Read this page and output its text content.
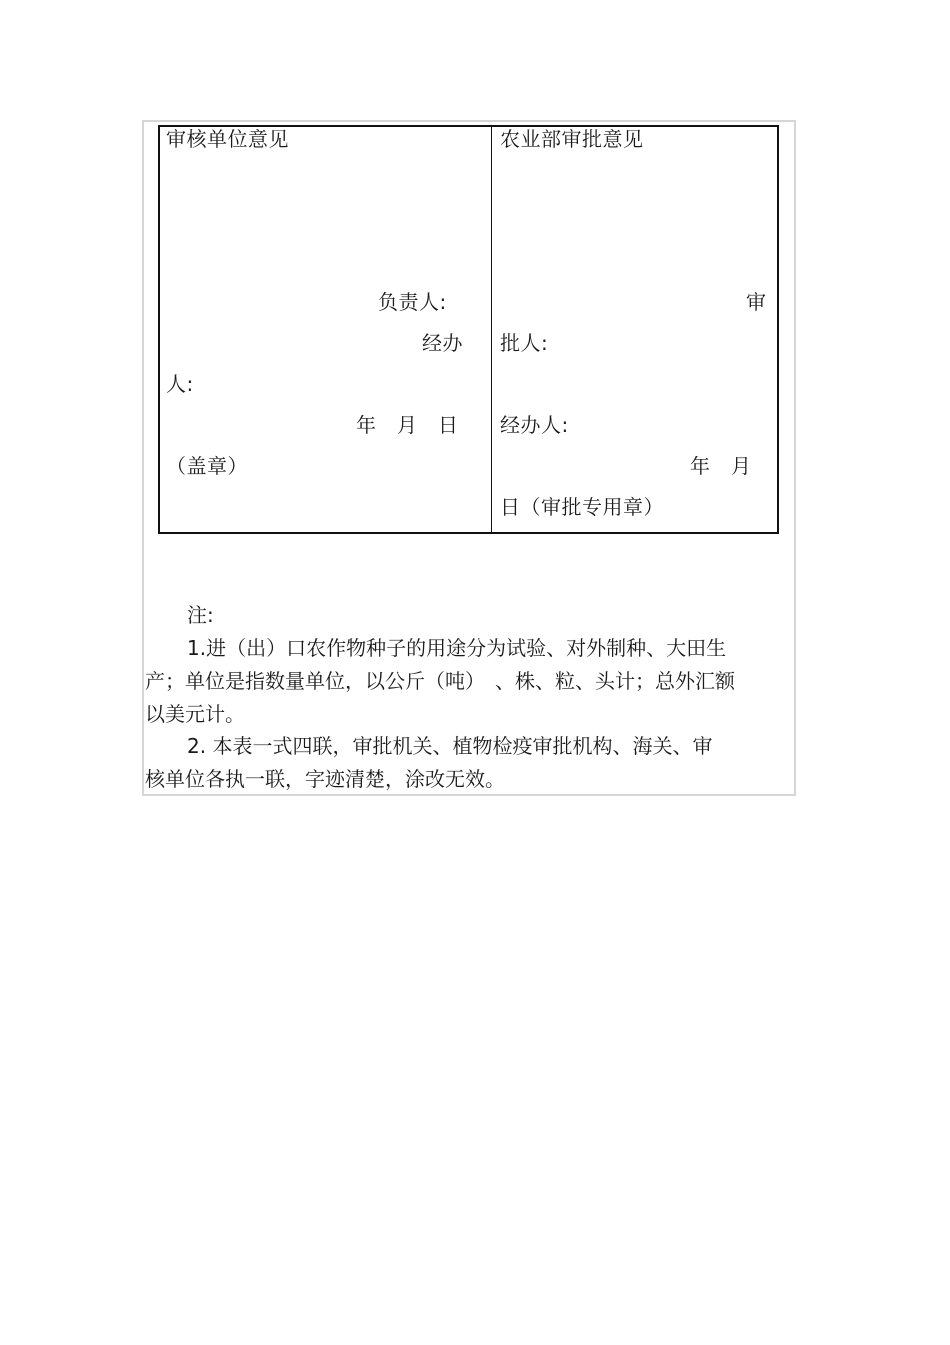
审核单位意见
负责人:
经办
人:
年　月　日
（盖章）
农业部审批意见
审
批人:
经办人:
年　月
日（审批专用章）
注:
1.进（出）口农作物种子的用途分为试验、对外制种、大田生
产；单位是指数量单位，以公斤（吨）　、株、粒、头计；总外汇额
以美元计。
2. 本表一式四联，审批机关、植物检疫审批机构、海关、审
核单位各执一联，字迹清楚，涂改无效。
